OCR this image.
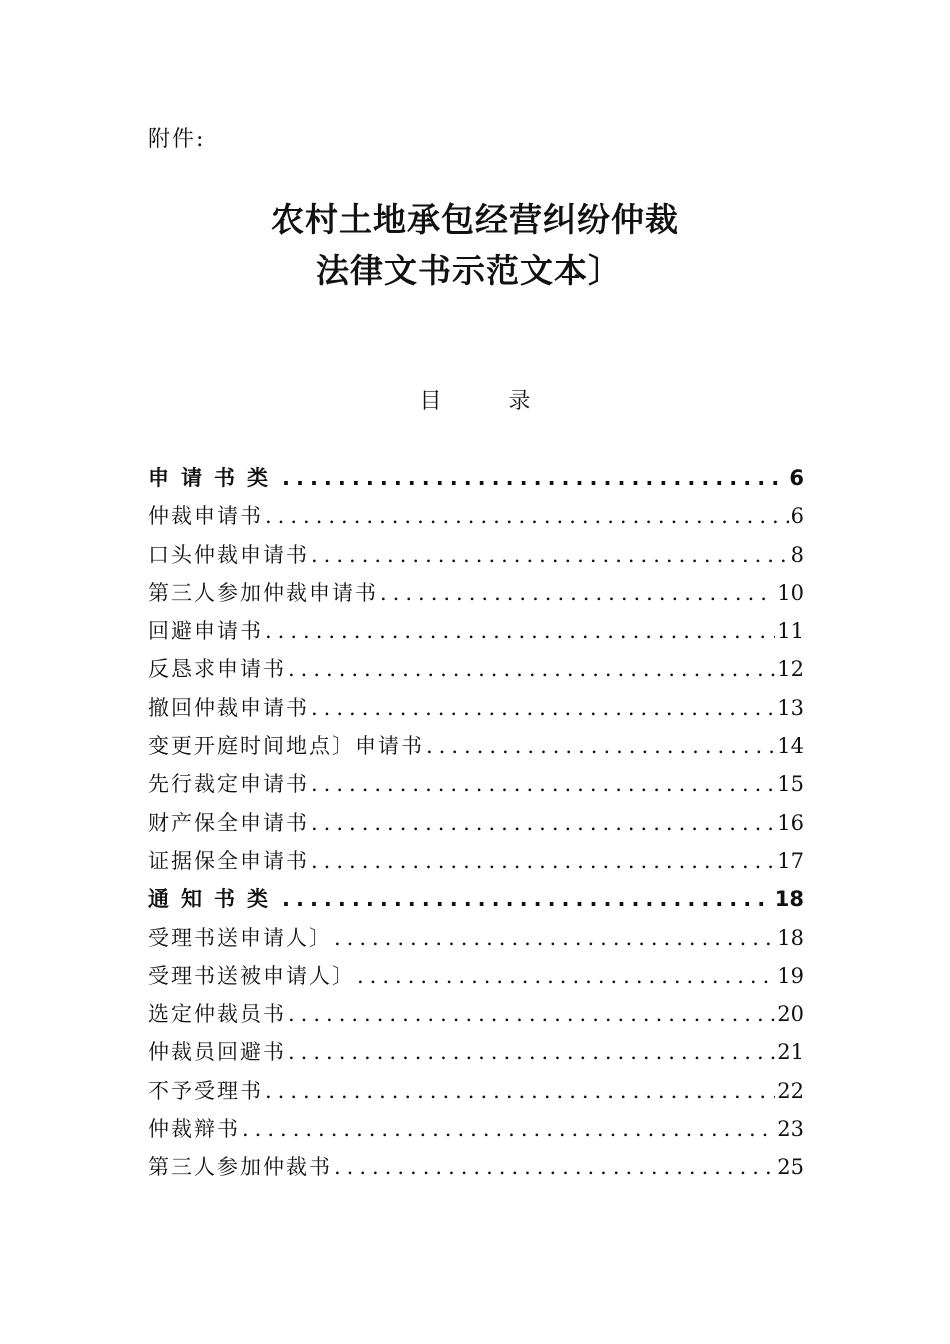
附件:
农村土地承包经营纠纷仲裁
法律文书示范文本〕
目 录
申请书类 .....	6
仲裁申请书 .....	6
口头仲裁申请书 .....	8
第三人参加仲裁申请书 .....	10
回避申请书 .....	11
反恳求申请书 .....	12
撤回仲裁申请书 .....	13
变更开庭时间地点〕申请书 .....	14
先行裁定申请书 .....	15
财产保全申请书 .....	16
证据保全申请书 .....	17
通知书类 .....	18
受理书送申请人〕 .....	18
受理书送被申请人〕 .....	19
选定仲裁员书 .....	20
仲裁员回避书 .....	21
不予受理书 .....	22
仲裁辩书 .....	23
第三人参加仲裁书 .....	25
